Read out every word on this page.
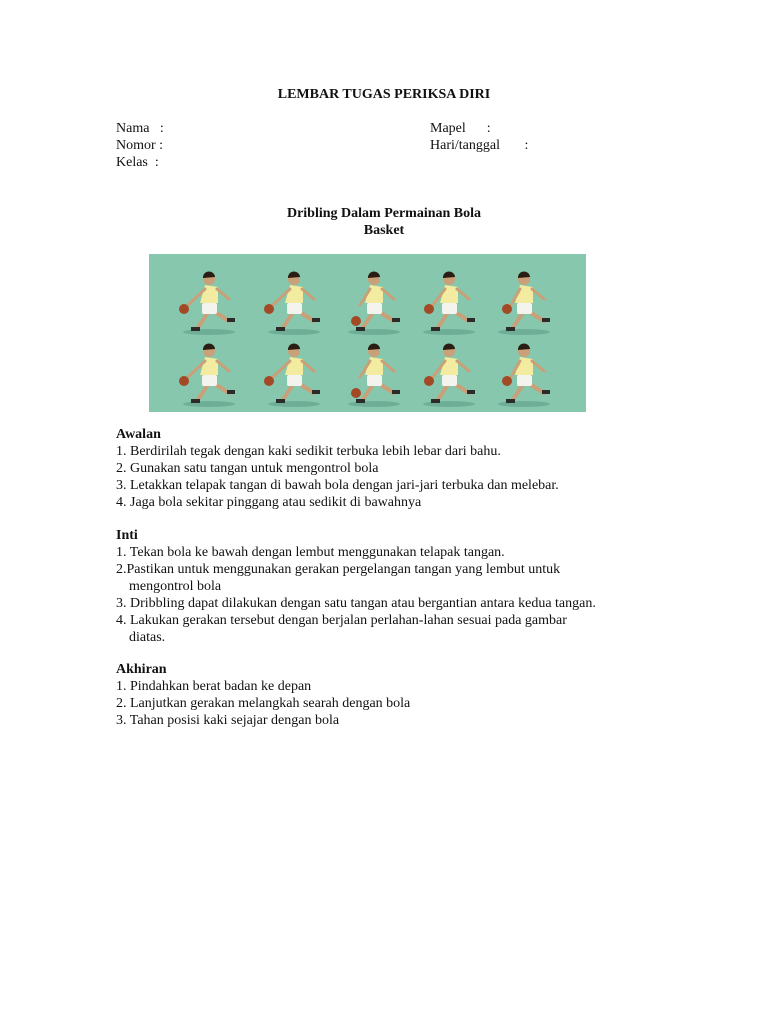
LEMBAR TUGAS PERIKSA DIRI
Nama   :
Nomor :
Kelas  :
Mapel      :
Hari/tanggal       :
Dribling Dalam Permainan Bola
Basket
Awalan
1. Berdirilah tegak dengan kaki sedikit terbuka lebih lebar dari bahu.
2. Gunakan satu tangan untuk mengontrol bola
3. Letakkan telapak tangan di bawah bola dengan jari-jari terbuka dan melebar.
4. Jaga bola sekitar pinggang atau sedikit di bawahnya
Inti
1. Tekan bola ke bawah dengan lembut menggunakan telapak tangan.
2.Pastikan untuk menggunakan gerakan pergelangan tangan yang lembut untuk
mengontrol bola
3. Dribbling dapat dilakukan dengan satu tangan atau bergantian antara kedua tangan.
4. Lakukan gerakan tersebut dengan berjalan perlahan-lahan sesuai pada gambar
diatas.
Akhiran
1. Pindahkan berat badan ke depan
2. Lanjutkan gerakan melangkah searah dengan bola
3. Tahan posisi kaki sejajar dengan bola
